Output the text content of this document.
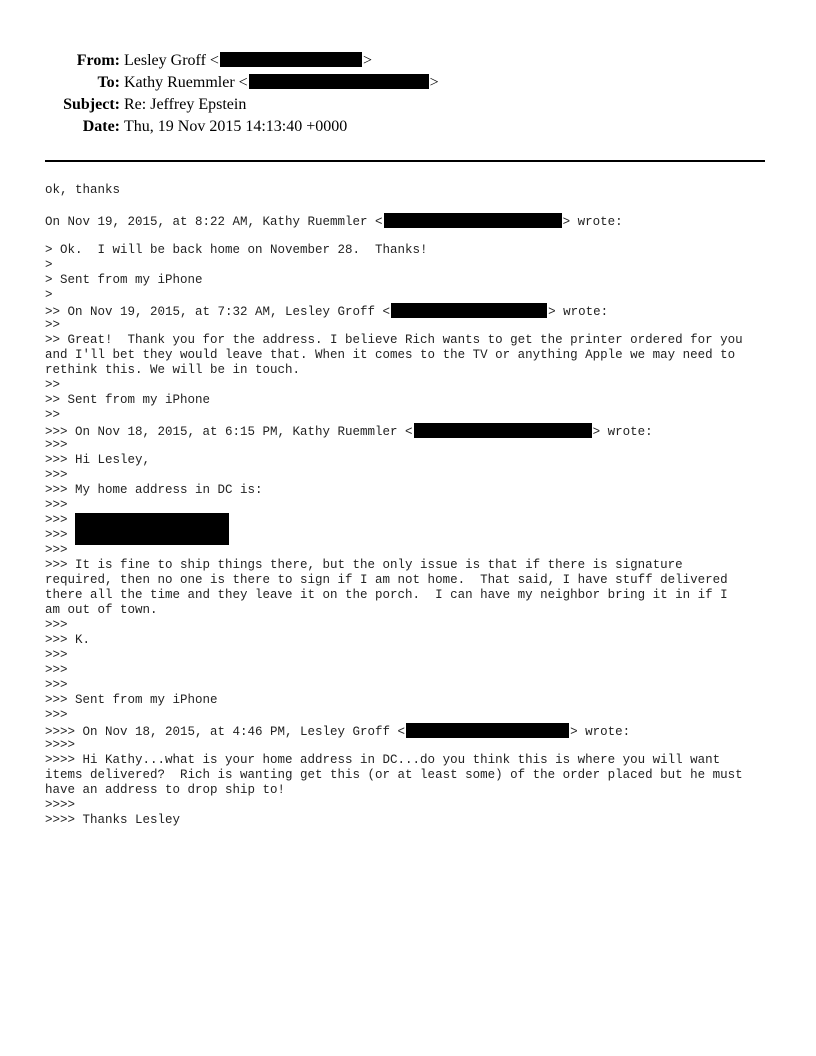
From: Lesley Groff <	>
To: Kathy Ruemmler <	>
Subject: Re: Jeffrey Epstein
Date: Thu, 19 Nov 2015 14:13:40 +0000
ok, thanks
On Nov 19, 2015, at 8:22 AM, Kathy Ruemmler <	> wrote:
> Ok.  I will be back home on November 28.  Thanks!
>
> Sent from my iPhone
>
>> On Nov 19, 2015, at 7:32 AM, Lesley Groff <	> wrote:
>>
>> Great!  Thank you for the address. I believe Rich wants to get the printer ordered for you
and I'll bet they would leave that. When it comes to the TV or anything Apple we may need to
rethink this. We will be in touch.
>>
>> Sent from my iPhone
>>
>>> On Nov 18, 2015, at 6:15 PM, Kathy Ruemmler <	> wrote:
>>>
>>> Hi Lesley,
>>>
>>> My home address in DC is:
>>>
>>>
>>>
>>>
>>> It is fine to ship things there, but the only issue is that if there is signature
required, then no one is there to sign if I am not home.  That said, I have stuff delivered
there all the time and they leave it on the porch.  I can have my neighbor bring it in if I
am out of town.
>>>
>>> K.
>>>
>>>
>>>
>>> Sent from my iPhone
>>>
>>>> On Nov 18, 2015, at 4:46 PM, Lesley Groff <	> wrote:
>>>>
>>>> Hi Kathy...what is your home address in DC...do you think this is where you will want
items delivered?  Rich is wanting get this (or at least some) of the order placed but he must
have an address to drop ship to!
>>>>
>>>> Thanks Lesley
